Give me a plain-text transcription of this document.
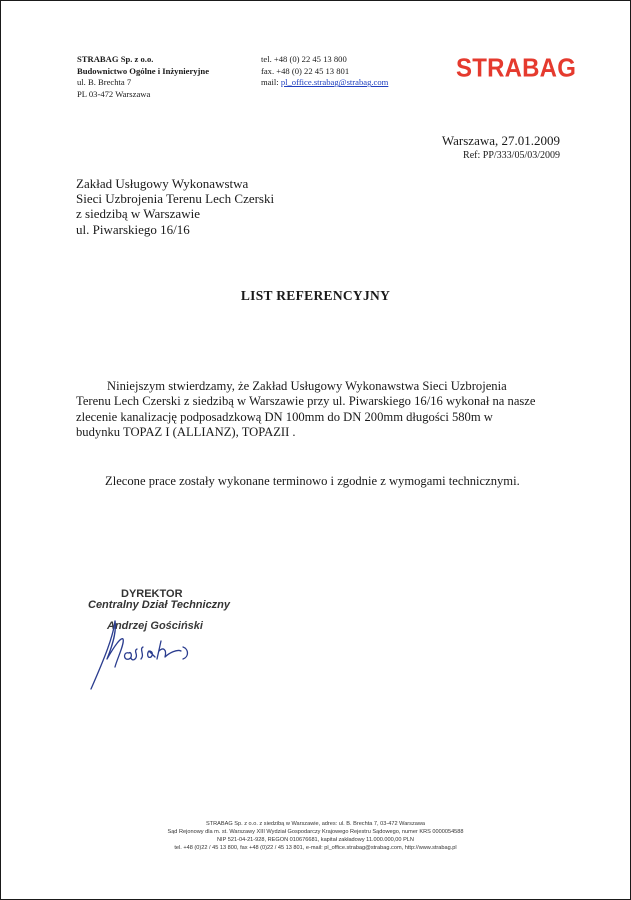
STRABAG Sp. z o.o.
Budownictwo Ogólne i Inżynieryjne
ul. B. Brechta 7
PL 03-472 Warszawa
tel. +48 (0) 22 45 13 800
fax. +48 (0) 22 45 13 801
mail: pl_office.strabag@strabag.com	STRABAG
Warszawa, 27.01.2009
Ref: PP/333/05/03/2009
Zakład Usługowy Wykonawstwa
Sieci Uzbrojenia Terenu Lech Czerski
z siedzibą w Warszawie
ul. Piwarskiego 16/16
LIST REFERENCYJNY
Niniejszym stwierdzamy, że Zakład Usługowy Wykonawstwa Sieci Uzbrojenia Terenu Lech Czerski z siedzibą w Warszawie przy ul. Piwarskiego 16/16 wykonał na nasze zlecenie kanalizację podposadzkową DN 100mm do DN 200mm długości 580m w budynku TOPAZ I (ALLIANZ), TOPAZII .
Zlecone prace zostały wykonane terminowo i zgodnie z wymogami technicznymi.
DYREKTOR
Centralny Dział Techniczny
Andrzej Gościński
STRABAG Sp. z o.o. z siedzibą w Warszawie, adres: ul. B. Brechta 7, 03-472 Warszawa
Sąd Rejonowy dla m. st. Warszawy XIII Wydział Gospodarczy Krajowego Rejestru Sądowego, numer KRS 0000054588
NIP 521-04-21-928, REGON 010676681, kapitał zakładowy 11.000.000,00 PLN
tel. +48 (0)22 / 45 13 800, fax +48 (0)22 / 45 13 801, e-mail: pl_office.strabag@strabag.com, http://www.strabag.pl
